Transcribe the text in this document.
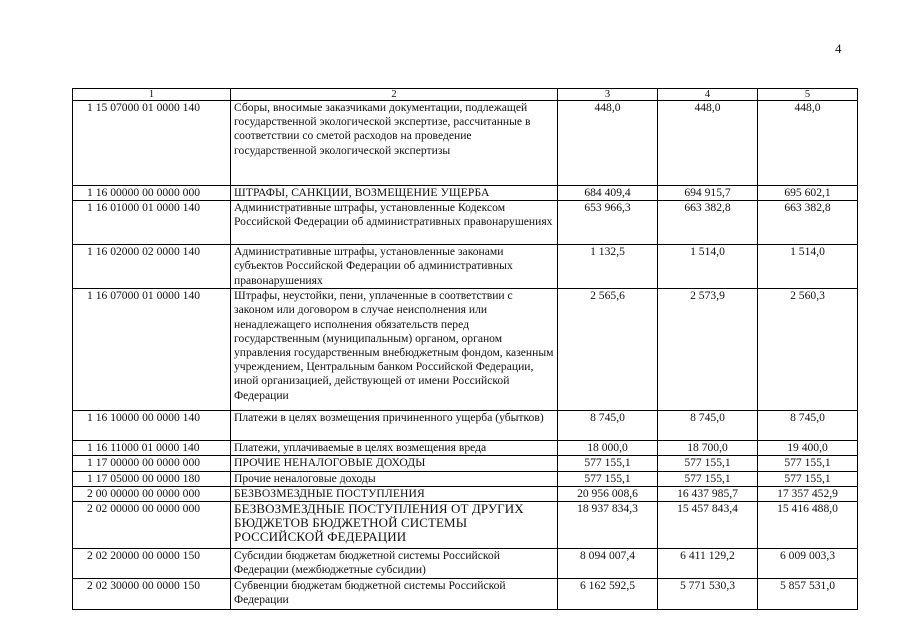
4
1	2	3	4	5
1 15 07000 01 0000 140	Сборы, вносимые заказчиками документации, подлежащей государственной экологической экспертизе, рассчитанные в соответствии со сметой расходов на проведение государственной экологической экспертизы	448,0	448,0	448,0
1 16 00000 00 0000 000	ШТРАФЫ, САНКЦИИ, ВОЗМЕЩЕНИЕ УЩЕРБА	684 409,4	694 915,7	695 602,1
1 16 01000 01 0000 140	Административные штрафы, установленные Кодексом Российской Федерации об административных правонарушениях	653 966,3	663 382,8	663 382,8
1 16 02000 02 0000 140	Административные штрафы, установленные законами субъектов Российской Федерации об административных правонарушениях	1 132,5	1 514,0	1 514,0
1 16 07000 01 0000 140	Штрафы, неустойки, пени, уплаченные в соответствии с законом или договором в случае неисполнения или ненадлежащего исполнения обязательств перед государственным (муниципальным) органом, органом управления государственным внебюджетным фондом, казенным учреждением, Центральным банком Российской Федерации, иной организацией, действующей от имени Российской Федерации	2 565,6	2 573,9	2 560,3
1 16 10000 00 0000 140	Платежи в целях возмещения причиненного ущерба (убытков)	8 745,0	8 745,0	8 745,0
1 16 11000 01 0000 140	Платежи, уплачиваемые в целях возмещения вреда	18 000,0	18 700,0	19 400,0
1 17 00000 00 0000 000	ПРОЧИЕ НЕНАЛОГОВЫЕ ДОХОДЫ	577 155,1	577 155,1	577 155,1
1 17 05000 00 0000 180	Прочие неналоговые доходы	577 155,1	577 155,1	577 155,1
2 00 00000 00 0000 000	БЕЗВОЗМЕЗДНЫЕ ПОСТУПЛЕНИЯ	20 956 008,6	16 437 985,7	17 357 452,9
2 02 00000 00 0000 000	БЕЗВОЗМЕЗДНЫЕ ПОСТУПЛЕНИЯ ОТ ДРУГИХ БЮДЖЕТОВ БЮДЖЕТНОЙ СИСТЕМЫ РОССИЙСКОЙ ФЕДЕРАЦИИ	18 937 834,3	15 457 843,4	15 416 488,0
2 02 20000 00 0000 150	Субсидии бюджетам бюджетной системы Российской Федерации (межбюджетные субсидии)	8 094 007,4	6 411 129,2	6 009 003,3
2 02 30000 00 0000 150	Субвенции бюджетам бюджетной системы Российской Федерации	6 162 592,5	5 771 530,3	5 857 531,0
